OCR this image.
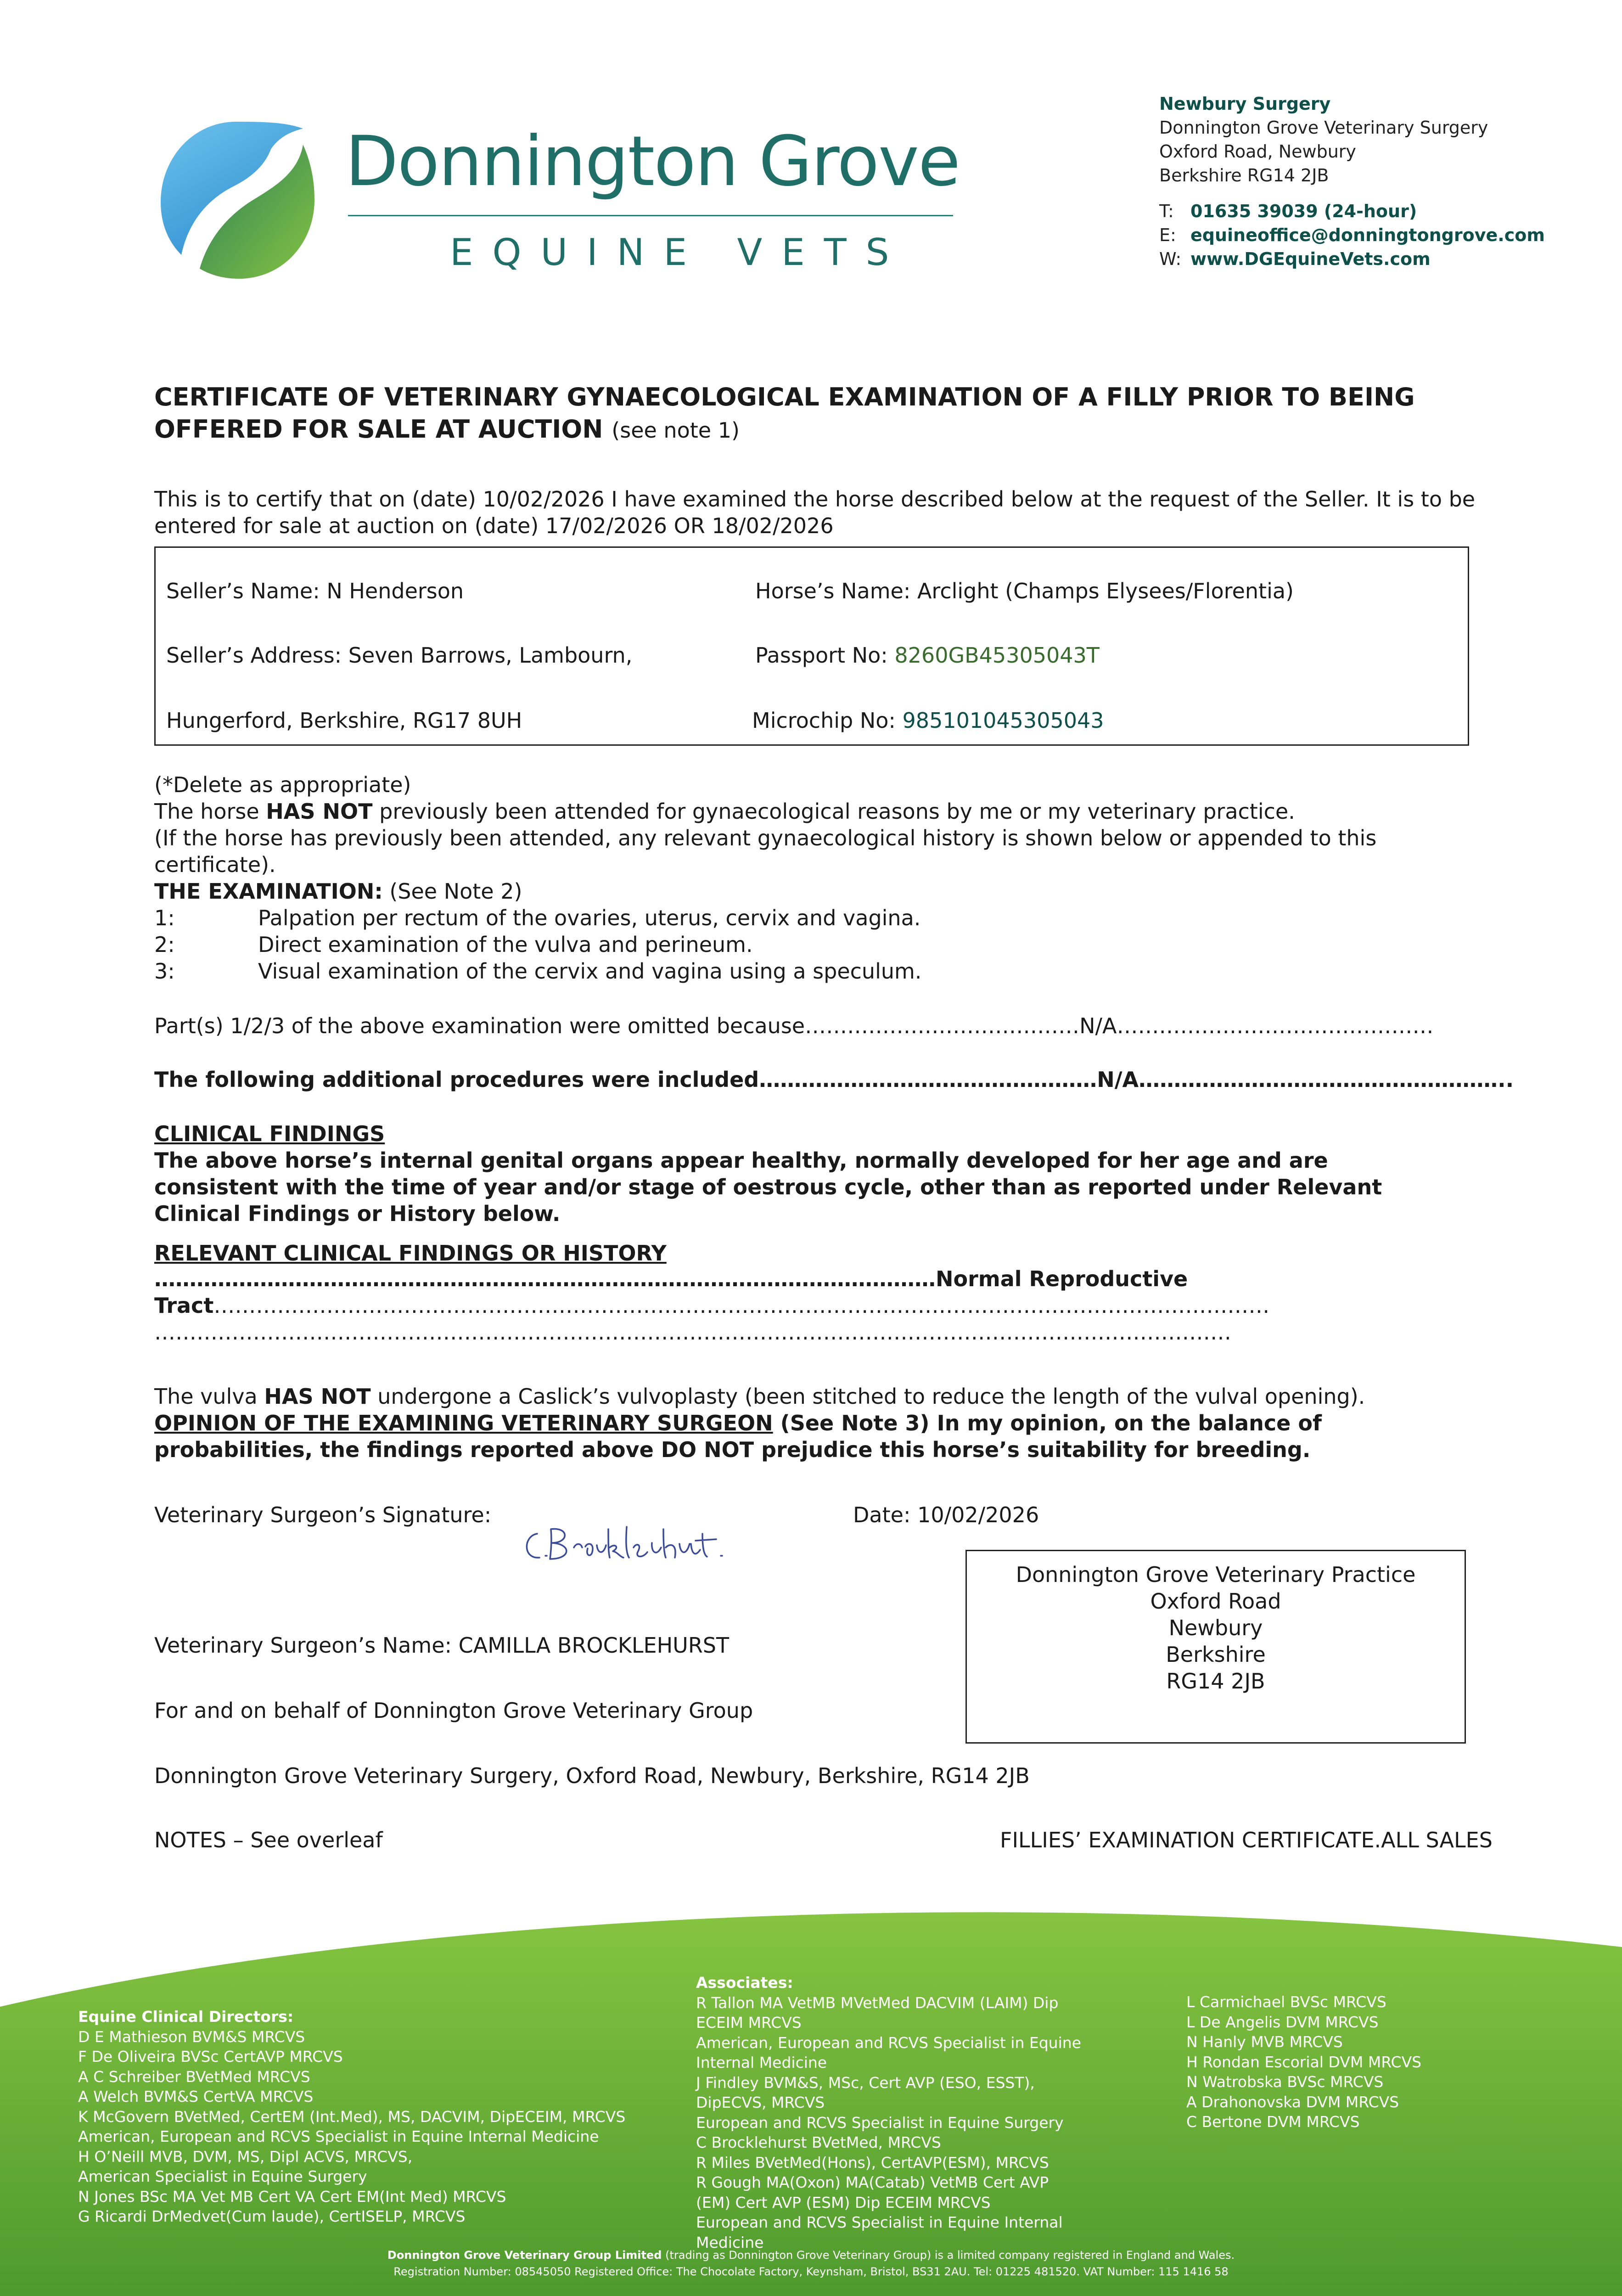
Donnington Grove
EQUINE VETS
Newbury Surgery
Donnington Grove Veterinary Surgery
Oxford Road, Newbury
Berkshire RG14 2JB
T: 01635 39039 (24-hour)
E: equineoffice@donningtongrove.com
W: www.DGEquineVets.com
CERTIFICATE OF VETERINARY GYNAECOLOGICAL EXAMINATION OF A FILLY PRIOR TO BEING OFFERED FOR SALE AT AUCTION (see note 1)
This is to certify that on (date) 10/02/2026 I have examined the horse described below at the request of the Seller. It is to be entered for sale at auction on (date) 17/02/2026 OR 18/02/2026
Seller’s Name: N Henderson	Horse’s Name: Arclight (Champs Elysees/Florentia)
Seller’s Address: Seven Barrows, Lambourn,	Passport No: 8260GB45305043T
Hungerford, Berkshire, RG17 8UH	Microchip No: 985101045305043
(*Delete as appropriate)
The horse HAS NOT previously been attended for gynaecological reasons by me or my veterinary practice.
(If the horse has previously been attended, any relevant gynaecological history is shown below or appended to this certificate).
THE EXAMINATION: (See Note 2)
1:	Palpation per rectum of the ovaries, uterus, cervix and vagina.
2:	Direct examination of the vulva and perineum.
3:	Visual examination of the cervix and vagina using a speculum.
Part(s) 1/2/3 of the above examination were omitted because…………………………………N/A………………………………………
The following additional procedures were included…………………………………………N/A……………………………………………..
CLINICAL FINDINGS
The above horse’s internal genital organs appear healthy, normally developed for her age and are consistent with the time of year and/or stage of oestrous cycle, other than as reported under Relevant Clinical Findings or History below.
RELEVANT CLINICAL FINDINGS OR HISTORY
…………………………………………………………………………………………………Normal Reproductive
Tract……………………………………………………………………………………………………………………………………
………………………………………………………………………………………………………………………………………
The vulva HAS NOT undergone a Caslick’s vulvoplasty (been stitched to reduce the length of the vulval opening). OPINION OF THE EXAMINING VETERINARY SURGEON (See Note 3) In my opinion, on the balance of probabilities, the findings reported above DO NOT prejudice this horse’s suitability for breeding.
Veterinary Surgeon’s Signature:	Date: 10/02/2026
Donnington Grove Veterinary Practice
Oxford Road
Newbury
Berkshire
RG14 2JB
Veterinary Surgeon’s Name: CAMILLA BROCKLEHURST
For and on behalf of Donnington Grove Veterinary Group
Donnington Grove Veterinary Surgery, Oxford Road, Newbury, Berkshire, RG14 2JB
NOTES – See overleaf	FILLIES’ EXAMINATION CERTIFICATE.ALL SALES
Equine Clinical Directors:
D E Mathieson BVM&S MRCVS
F De Oliveira BVSc CertAVP MRCVS
A C Schreiber BVetMed MRCVS
A Welch BVM&S CertVA MRCVS
K McGovern BVetMed, CertEM (Int.Med), MS, DACVIM, DipECEIM, MRCVS
American, European and RCVS Specialist in Equine Internal Medicine
H O’Neill MVB, DVM, MS, Dipl ACVS, MRCVS,
American Specialist in Equine Surgery
N Jones BSc MA Vet MB Cert VA Cert EM(Int Med) MRCVS
G Ricardi DrMedvet(Cum laude), CertISELP, MRCVS
Associates:
R Tallon MA VetMB MVetMed DACVIM (LAIM) Dip
ECEIM MRCVS
American, European and RCVS Specialist in Equine
Internal Medicine
J Findley BVM&S, MSc, Cert AVP (ESO, ESST),
DipECVS, MRCVS
European and RCVS Specialist in Equine Surgery
C Brocklehurst BVetMed, MRCVS
R Miles BVetMed(Hons), CertAVP(ESM), MRCVS
R Gough MA(Oxon) MA(Catab) VetMB Cert AVP
(EM) Cert AVP (ESM) Dip ECEIM MRCVS
European and RCVS Specialist in Equine Internal
Medicine
L Carmichael BVSc MRCVS
L De Angelis DVM MRCVS
N Hanly MVB MRCVS
H Rondan Escorial DVM MRCVS
N Watrobska BVSc MRCVS
A Drahonovska DVM MRCVS
C Bertone DVM MRCVS
Donnington Grove Veterinary Group Limited (trading as Donnington Grove Veterinary Group) is a limited company registered in England and Wales.
Registration Number: 08545050 Registered Office: The Chocolate Factory, Keynsham, Bristol, BS31 2AU. Tel: 01225 481520. VAT Number: 115 1416 58
